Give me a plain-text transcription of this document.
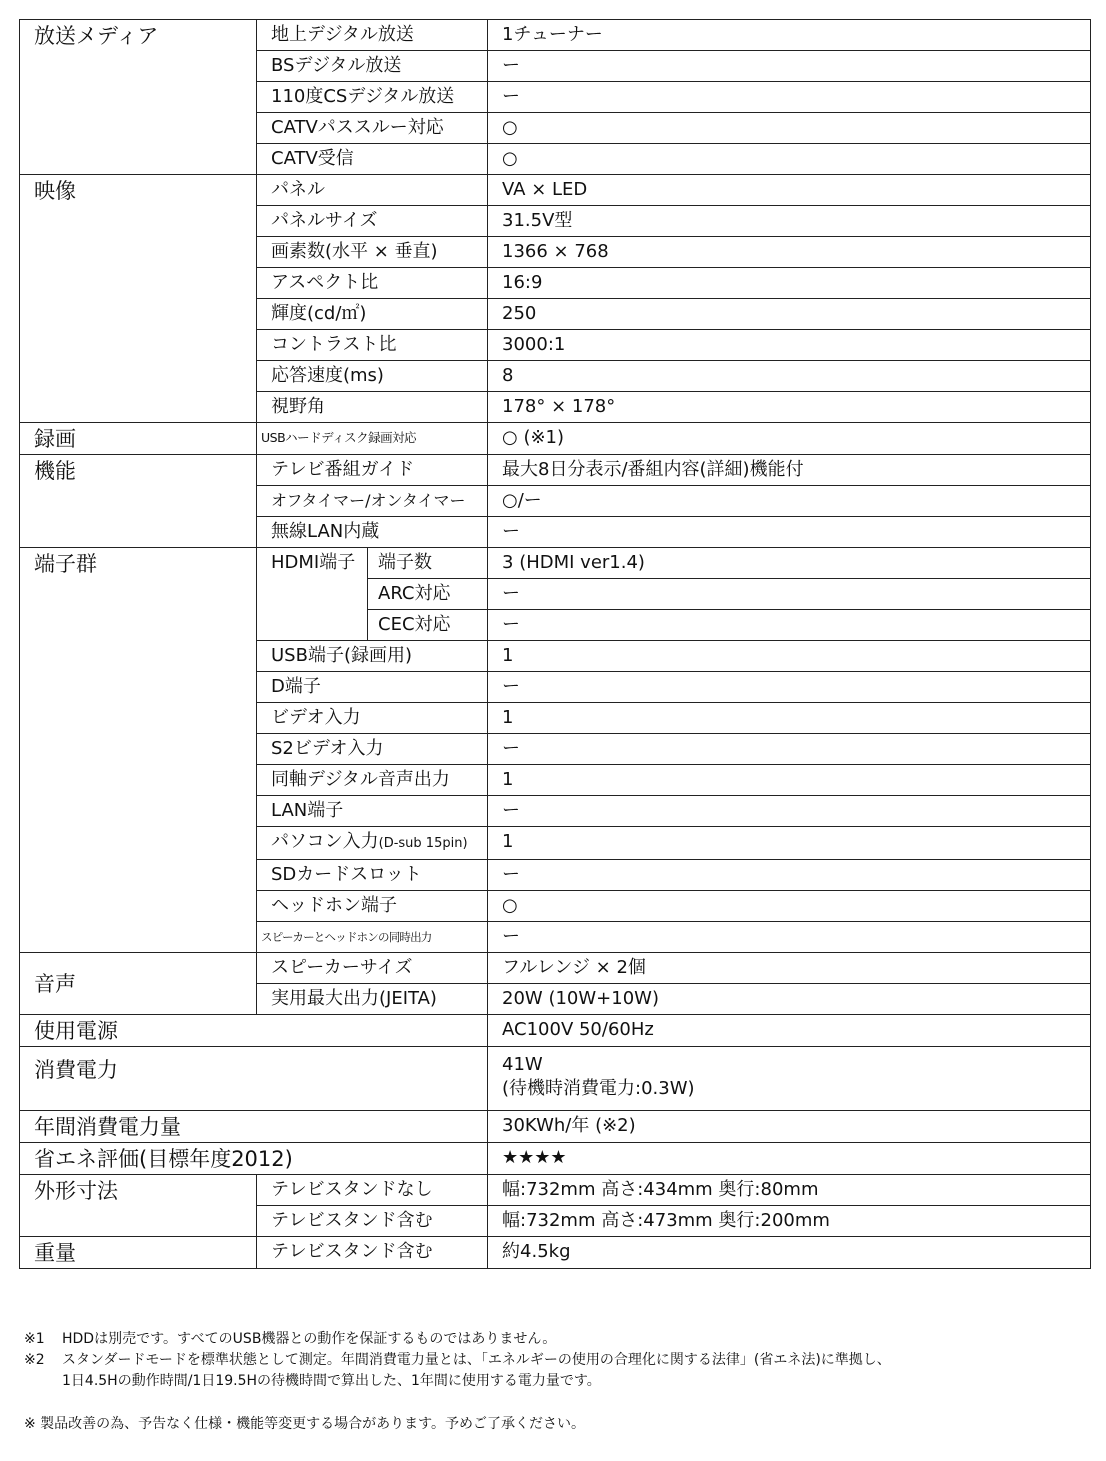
放送メディア	地上デジタル放送		1チューナー
	BSデジタル放送		ー
	110度CSデジタル放送		ー
	CATVパススルー対応		○
	CATV受信		○
映像	パネル		VA × LED
	パネルサイズ		31.5V型
	画素数(水平 × 垂直)		1366 × 768
	アスペクト比		16:9
	輝度(cd/㎡)		250
	コントラスト比		3000:1
	応答速度(ms)		8
	視野角		178° × 178°
録画	USBハードディスク録画対応		○ (※1)
機能	テレビ番組ガイド		最大8日分表示/番組内容(詳細)機能付
	オフタイマー/オンタイマー		○/ー
	無線LAN内蔵		ー
端子群	HDMI端子	端子数	3 (HDMI ver1.4)
		ARC対応	ー
		CEC対応	ー
	USB端子(録画用)		1
	D端子		ー
	ビデオ入力		1
	S2ビデオ入力		ー
	同軸デジタル音声出力		1
	LAN端子		ー
	パソコン入力(D-sub 15pin)		1
	SDカードスロット		ー
	ヘッドホン端子		○
	スピーカーとヘッドホンの同時出力		ー
音声	スピーカーサイズ		フルレンジ × 2個
	実用最大出力(JEITA)		20W (10W+10W)
使用電源			AC100V 50/60Hz
消費電力			41W
(待機時消費電力:0.3W)

年間消費電力量			30KWh/年 (※2)
省エネ評価(目標年度2012)			★★★★
外形寸法	テレビスタンドなし		幅:732mm 高さ:434mm 奥行:80mm
	テレビスタンド含む		幅:732mm 高さ:473mm 奥行:200mm
重量	テレビスタンド含む		約4.5kg
※1	HDDは別売です。すべてのUSB機器との動作を保証するものではありません。
※2	スタンダードモードを標準状態として測定。年間消費電力量とは、「エネルギーの使用の合理化に関する法律」(省エネ法)に準拠し、
1日4.5Hの動作時間/1日19.5Hの待機時間で算出した、1年間に使用する電力量です。
※ 製品改善の為、予告なく仕様・機能等変更する場合があります。予めご了承ください。
